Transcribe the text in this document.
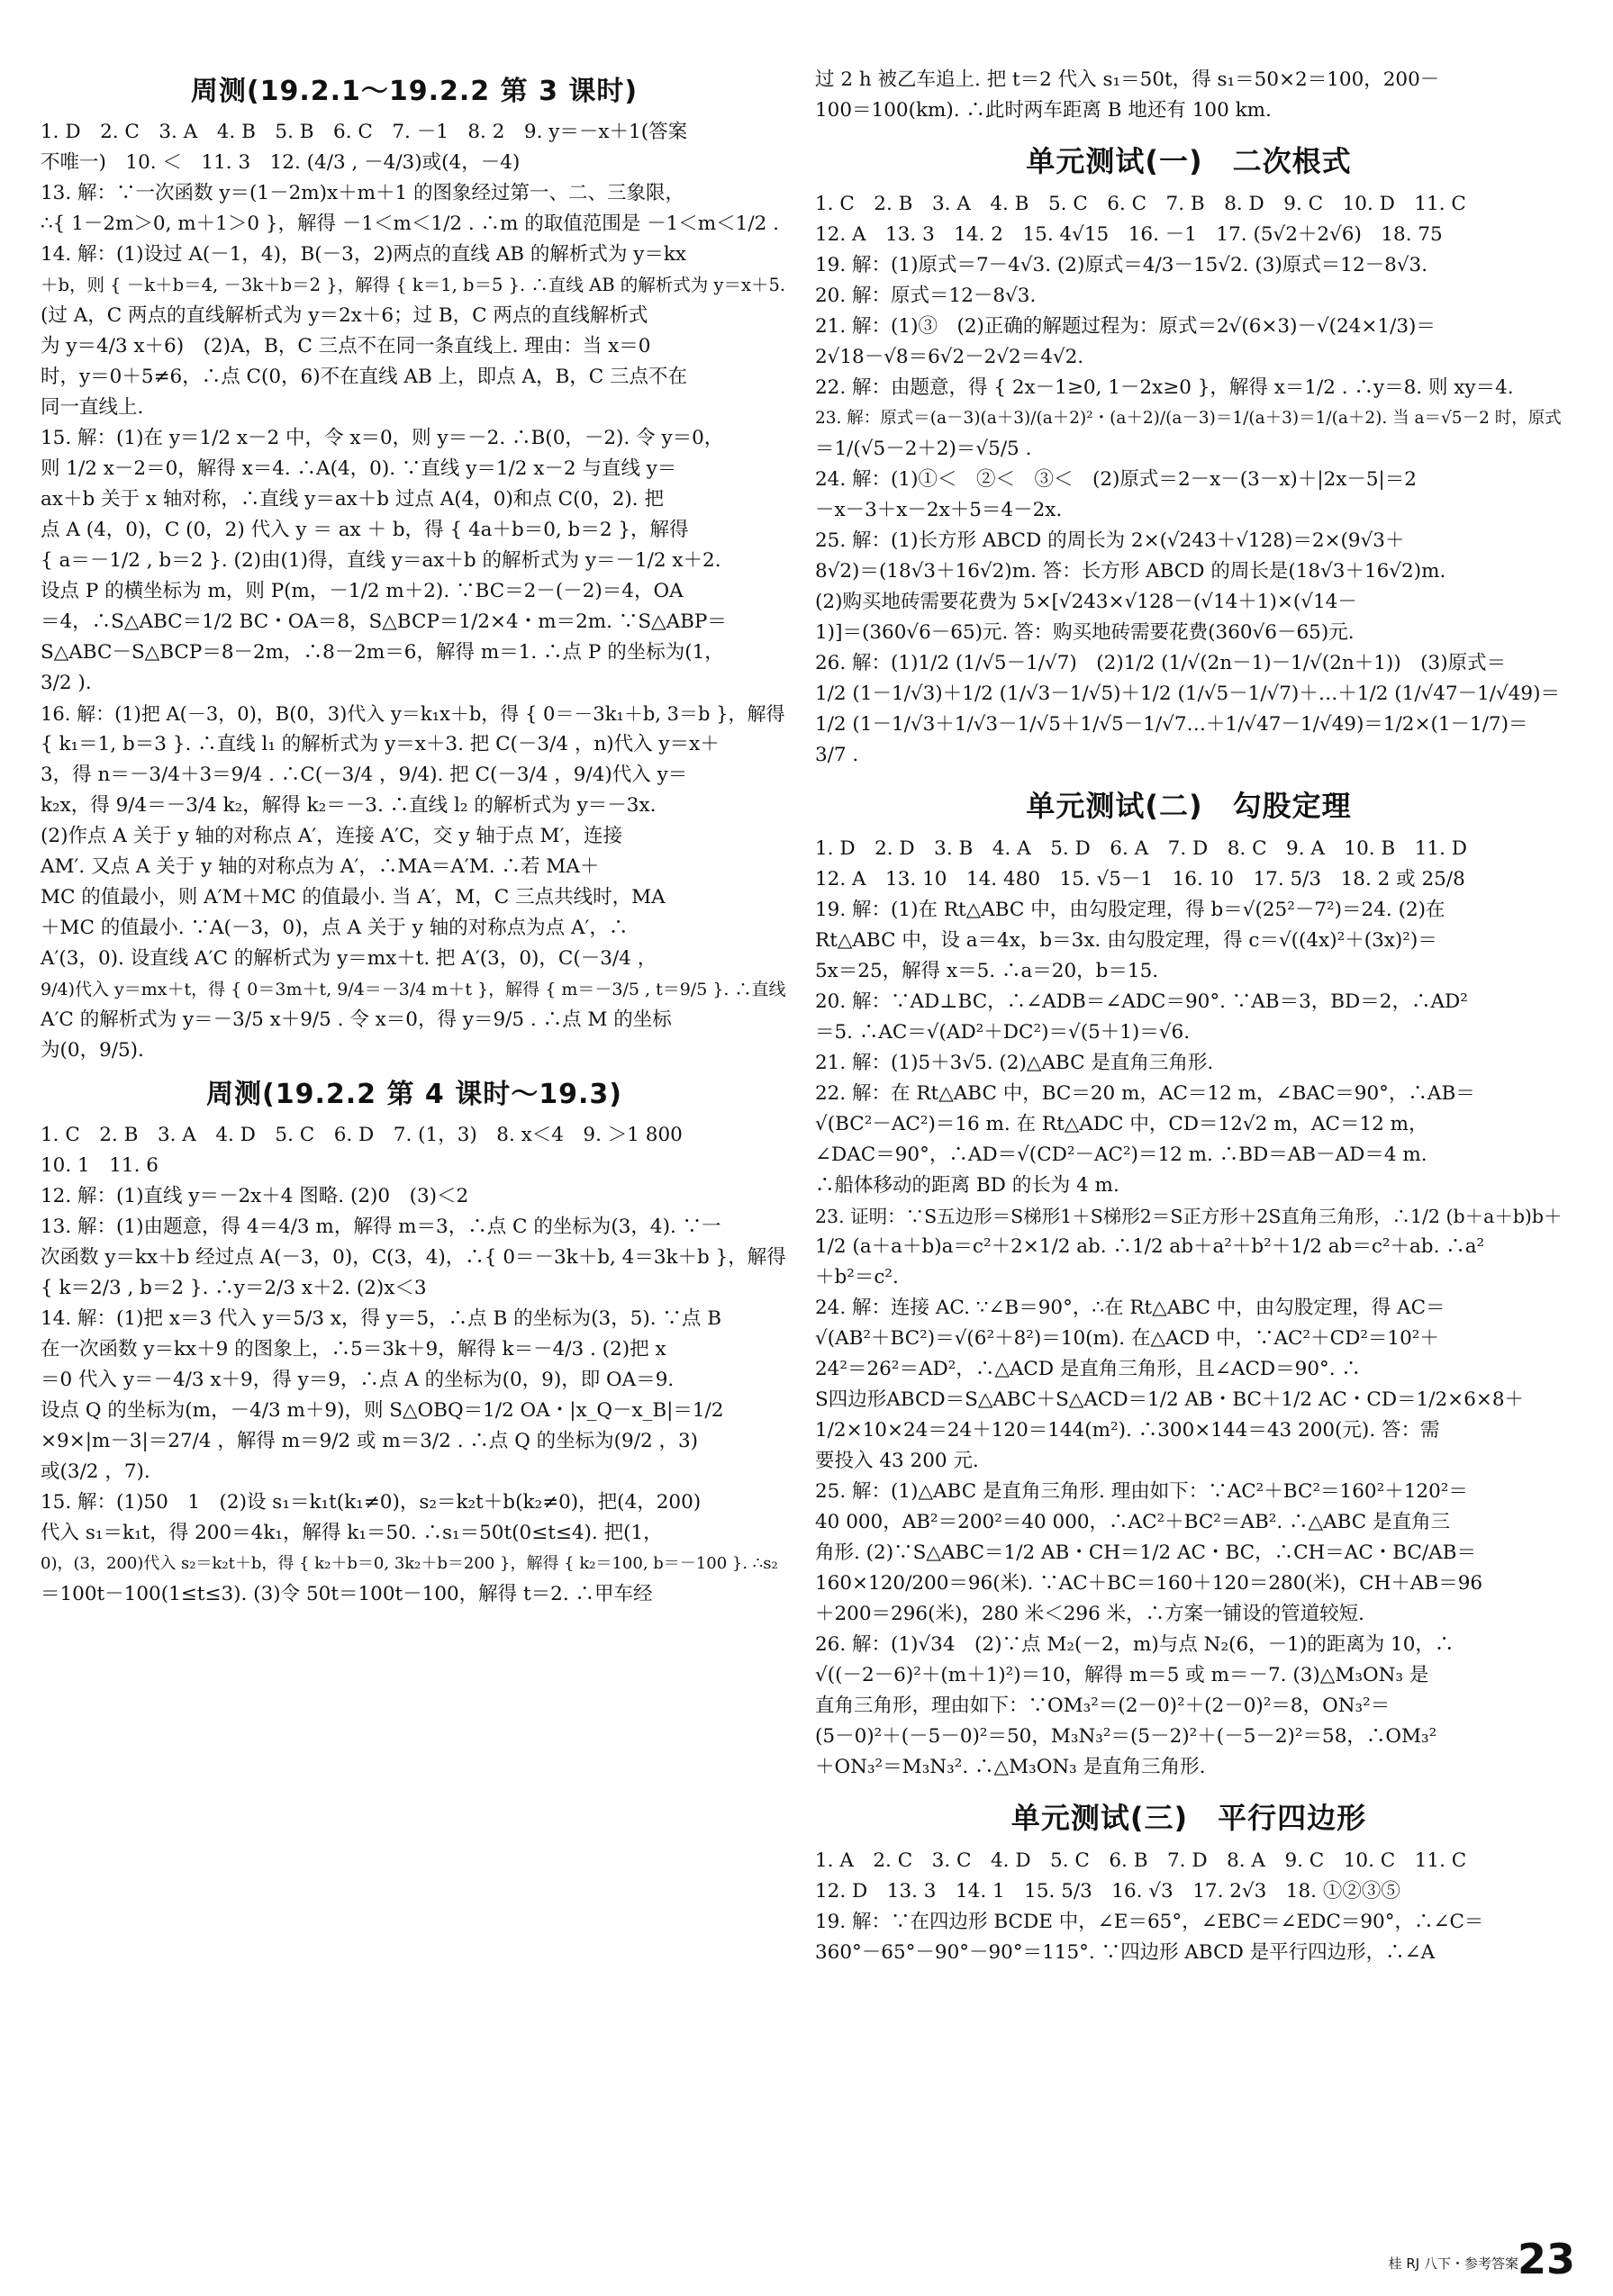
周测(19.2.1～19.2.2 第 3 课时)
1. D　2. C　3. A　4. B　5. B　6. C　7. －1　8. 2　9. y＝－x＋1(答案
不唯一)　10. ＜　11. 3　12. (4/3 , －4/3)或(4，－4)
13. 解：∵一次函数 y＝(1－2m)x＋m＋1 的图象经过第一、二、三象限，
∴{ 1－2m＞0, m＋1＞0 }，解得 －1＜m＜1/2 . ∴m 的取值范围是 －1＜m＜1/2 .
14. 解：(1)设过 A(－1，4)，B(－3，2)两点的直线 AB 的解析式为 y＝kx
＋b，则 { －k＋b＝4, －3k＋b＝2 }，解得 { k＝1, b＝5 }. ∴直线 AB 的解析式为 y＝x＋5.
(过 A，C 两点的直线解析式为 y＝2x＋6；过 B，C 两点的直线解析式
为 y＝4/3 x＋6)　(2)A，B，C 三点不在同一条直线上. 理由：当 x＝0
时，y＝0＋5≠6，∴点 C(0，6)不在直线 AB 上，即点 A，B，C 三点不在
同一直线上.
15. 解：(1)在 y＝1/2 x－2 中，令 x＝0，则 y＝－2. ∴B(0，－2). 令 y＝0，
则 1/2 x－2＝0，解得 x＝4. ∴A(4，0). ∵直线 y＝1/2 x－2 与直线 y＝
ax＋b 关于 x 轴对称，∴直线 y＝ax＋b 过点 A(4，0)和点 C(0，2). 把
点 A (4，0)，C (0，2) 代入 y ＝ ax ＋ b，得 { 4a＋b＝0, b＝2 }，解得
{ a＝－1/2 , b＝2 }. (2)由(1)得，直线 y＝ax＋b 的解析式为 y＝－1/2 x＋2.
设点 P 的横坐标为 m，则 P(m，－1/2 m＋2). ∵BC＝2－(－2)＝4，OA
＝4，∴S△ABC＝1/2 BC・OA＝8，S△BCP＝1/2×4・m＝2m. ∵S△ABP＝
S△ABC－S△BCP＝8－2m，∴8－2m＝6，解得 m＝1. ∴点 P 的坐标为(1，
3/2 ).
16. 解：(1)把 A(－3，0)，B(0，3)代入 y＝k₁x＋b，得 { 0＝－3k₁＋b, 3＝b }，解得
{ k₁＝1, b＝3 }. ∴直线 l₁ 的解析式为 y＝x＋3. 把 C(－3/4 ，n)代入 y＝x＋
3，得 n＝－3/4＋3＝9/4 . ∴C(－3/4 ，9/4). 把 C(－3/4 ，9/4)代入 y＝
k₂x，得 9/4＝－3/4 k₂，解得 k₂＝－3. ∴直线 l₂ 的解析式为 y＝－3x.
(2)作点 A 关于 y 轴的对称点 A′，连接 A′C，交 y 轴于点 M′，连接
AM′. 又点 A 关于 y 轴的对称点为 A′，∴MA＝A′M. ∴若 MA＋
MC 的值最小，则 A′M＋MC 的值最小. 当 A′，M，C 三点共线时，MA
＋MC 的值最小. ∵A(－3，0)，点 A 关于 y 轴的对称点为点 A′，∴
A′(3，0). 设直线 A′C 的解析式为 y＝mx＋t. 把 A′(3，0)，C(－3/4 ，
9/4)代入 y＝mx＋t，得 { 0＝3m＋t, 9/4＝－3/4 m＋t }，解得 { m＝－3/5 , t＝9/5 }. ∴直线
A′C 的解析式为 y＝－3/5 x＋9/5 . 令 x＝0，得 y＝9/5 . ∴点 M 的坐标
为(0，9/5).
周测(19.2.2 第 4 课时～19.3)
1. C　2. B　3. A　4. D　5. C　6. D　7. (1，3)　8. x＜4　9. ＞1 800
10. 1　11. 6
12. 解：(1)直线 y＝－2x＋4 图略. (2)0　(3)＜2
13. 解：(1)由题意，得 4＝4/3 m，解得 m＝3，∴点 C 的坐标为(3，4). ∵一
次函数 y＝kx＋b 经过点 A(－3，0)，C(3，4)，∴{ 0＝－3k＋b, 4＝3k＋b }，解得
{ k＝2/3 , b＝2 }. ∴y＝2/3 x＋2. (2)x＜3
14. 解：(1)把 x＝3 代入 y＝5/3 x，得 y＝5，∴点 B 的坐标为(3，5). ∵点 B
在一次函数 y＝kx＋9 的图象上，∴5＝3k＋9，解得 k＝－4/3 . (2)把 x
＝0 代入 y＝－4/3 x＋9，得 y＝9，∴点 A 的坐标为(0，9)，即 OA＝9.
设点 Q 的坐标为(m，－4/3 m＋9)，则 S△OBQ＝1/2 OA・|x_Q－x_B|＝1/2
×9×|m－3|＝27/4 ，解得 m＝9/2 或 m＝3/2 . ∴点 Q 的坐标为(9/2 ，3)
或(3/2 ，7).
15. 解：(1)50　1　(2)设 s₁＝k₁t(k₁≠0)，s₂＝k₂t＋b(k₂≠0)，把(4，200)
代入 s₁＝k₁t，得 200＝4k₁，解得 k₁＝50. ∴s₁＝50t(0≤t≤4). 把(1，
0)，(3，200)代入 s₂＝k₂t＋b，得 { k₂＋b＝0, 3k₂＋b＝200 }，解得 { k₂＝100, b＝－100 }. ∴s₂
＝100t－100(1≤t≤3). (3)令 50t＝100t－100，解得 t＝2. ∴甲车经
过 2 h 被乙车追上. 把 t＝2 代入 s₁＝50t，得 s₁＝50×2＝100，200－
100＝100(km). ∴此时两车距离 B 地还有 100 km.
单元测试(一)　二次根式
1. C　2. B　3. A　4. B　5. C　6. C　7. B　8. D　9. C　10. D　11. C
12. A　13. 3　14. 2　15. 4√15　16. －1　17. (5√2＋2√6)　18. 75
19. 解：(1)原式＝7－4√3. (2)原式＝4/3－15√2. (3)原式＝12－8√3.
20. 解：原式＝12－8√3.
21. 解：(1)③　(2)正确的解题过程为：原式＝2√(6×3)－√(24×1/3)＝
2√18－√8＝6√2－2√2＝4√2.
22. 解：由题意，得 { 2x－1≥0, 1－2x≥0 }，解得 x＝1/2 . ∴y＝8. 则 xy＝4.
23. 解：原式＝(a－3)(a＋3)/(a＋2)²・(a＋2)/(a－3)＝1/(a＋3)＝1/(a＋2). 当 a＝√5－2 时，原式
＝1/(√5－2＋2)＝√5/5 .
24. 解：(1)①＜　②＜　③＜　(2)原式＝2－x－(3－x)＋|2x－5|＝2
－x－3＋x－2x＋5＝4－2x.
25. 解：(1)长方形 ABCD 的周长为 2×(√243＋√128)＝2×(9√3＋
8√2)＝(18√3＋16√2)m. 答：长方形 ABCD 的周长是(18√3＋16√2)m.
(2)购买地砖需要花费为 5×[√243×√128－(√14＋1)×(√14－
1)]＝(360√6－65)元. 答：购买地砖需要花费(360√6－65)元.
26. 解：(1)1/2 (1/√5－1/√7)　(2)1/2 (1/√(2n－1)－1/√(2n＋1))　(3)原式＝
1/2 (1－1/√3)＋1/2 (1/√3－1/√5)＋1/2 (1/√5－1/√7)＋…＋1/2 (1/√47－1/√49)＝
1/2 (1－1/√3＋1/√3－1/√5＋1/√5－1/√7…＋1/√47－1/√49)＝1/2×(1－1/7)＝
3/7 .
单元测试(二)　勾股定理
1. D　2. D　3. B　4. A　5. D　6. A　7. D　8. C　9. A　10. B　11. D
12. A　13. 10　14. 480　15. √5－1　16. 10　17. 5/3　18. 2 或 25/8
19. 解：(1)在 Rt△ABC 中，由勾股定理，得 b＝√(25²－7²)＝24. (2)在
Rt△ABC 中，设 a＝4x，b＝3x. 由勾股定理，得 c＝√((4x)²＋(3x)²)＝
5x＝25，解得 x＝5. ∴a＝20，b＝15.
20. 解：∵AD⊥BC，∴∠ADB＝∠ADC＝90°. ∵AB＝3，BD＝2，∴AD²
＝5. ∴AC＝√(AD²＋DC²)＝√(5＋1)＝√6.
21. 解：(1)5＋3√5. (2)△ABC 是直角三角形.
22. 解：在 Rt△ABC 中，BC＝20 m，AC＝12 m，∠BAC＝90°，∴AB＝
√(BC²－AC²)＝16 m. 在 Rt△ADC 中，CD＝12√2 m，AC＝12 m，
∠DAC＝90°，∴AD＝√(CD²－AC²)＝12 m. ∴BD＝AB－AD＝4 m.
∴船体移动的距离 BD 的长为 4 m.
23. 证明：∵S五边形＝S梯形1＋S梯形2＝S正方形＋2S直角三角形，∴1/2 (b＋a＋b)b＋
1/2 (a＋a＋b)a＝c²＋2×1/2 ab. ∴1/2 ab＋a²＋b²＋1/2 ab＝c²＋ab. ∴a²
＋b²＝c².
24. 解：连接 AC. ∵∠B＝90°，∴在 Rt△ABC 中，由勾股定理，得 AC＝
√(AB²＋BC²)＝√(6²＋8²)＝10(m). 在△ACD 中，∵AC²＋CD²＝10²＋
24²＝26²＝AD²，∴△ACD 是直角三角形，且∠ACD＝90°. ∴
S四边形ABCD＝S△ABC＋S△ACD＝1/2 AB・BC＋1/2 AC・CD＝1/2×6×8＋
1/2×10×24＝24＋120＝144(m²). ∴300×144＝43 200(元). 答：需
要投入 43 200 元.
25. 解：(1)△ABC 是直角三角形. 理由如下：∵AC²＋BC²＝160²＋120²＝
40 000，AB²＝200²＝40 000，∴AC²＋BC²＝AB². ∴△ABC 是直角三
角形. (2)∵S△ABC＝1/2 AB・CH＝1/2 AC・BC，∴CH＝AC・BC/AB＝
160×120/200＝96(米). ∵AC＋BC＝160＋120＝280(米)，CH＋AB＝96
＋200＝296(米)，280 米＜296 米，∴方案一铺设的管道较短.
26. 解：(1)√34　(2)∵点 M₂(－2，m)与点 N₂(6，－1)的距离为 10，∴
√((－2－6)²＋(m＋1)²)＝10，解得 m＝5 或 m＝－7. (3)△M₃ON₃ 是
直角三角形，理由如下：∵OM₃²＝(2－0)²＋(2－0)²＝8，ON₃²＝
(5－0)²＋(－5－0)²＝50，M₃N₃²＝(5－2)²＋(－5－2)²＝58，∴OM₃²
＋ON₃²＝M₃N₃². ∴△M₃ON₃ 是直角三角形.
单元测试(三)　平行四边形
1. A　2. C　3. C　4. D　5. C　6. B　7. D　8. A　9. C　10. C　11. C
12. D　13. 3　14. 1　15. 5/3　16. √3　17. 2√3　18. ①②③⑤
19. 解：∵在四边形 BCDE 中，∠E＝65°，∠EBC＝∠EDC＝90°，∴∠C＝
360°－65°－90°－90°＝115°. ∵四边形 ABCD 是平行四边形，∴∠A
桂 RJ 八下・参考答案
23
